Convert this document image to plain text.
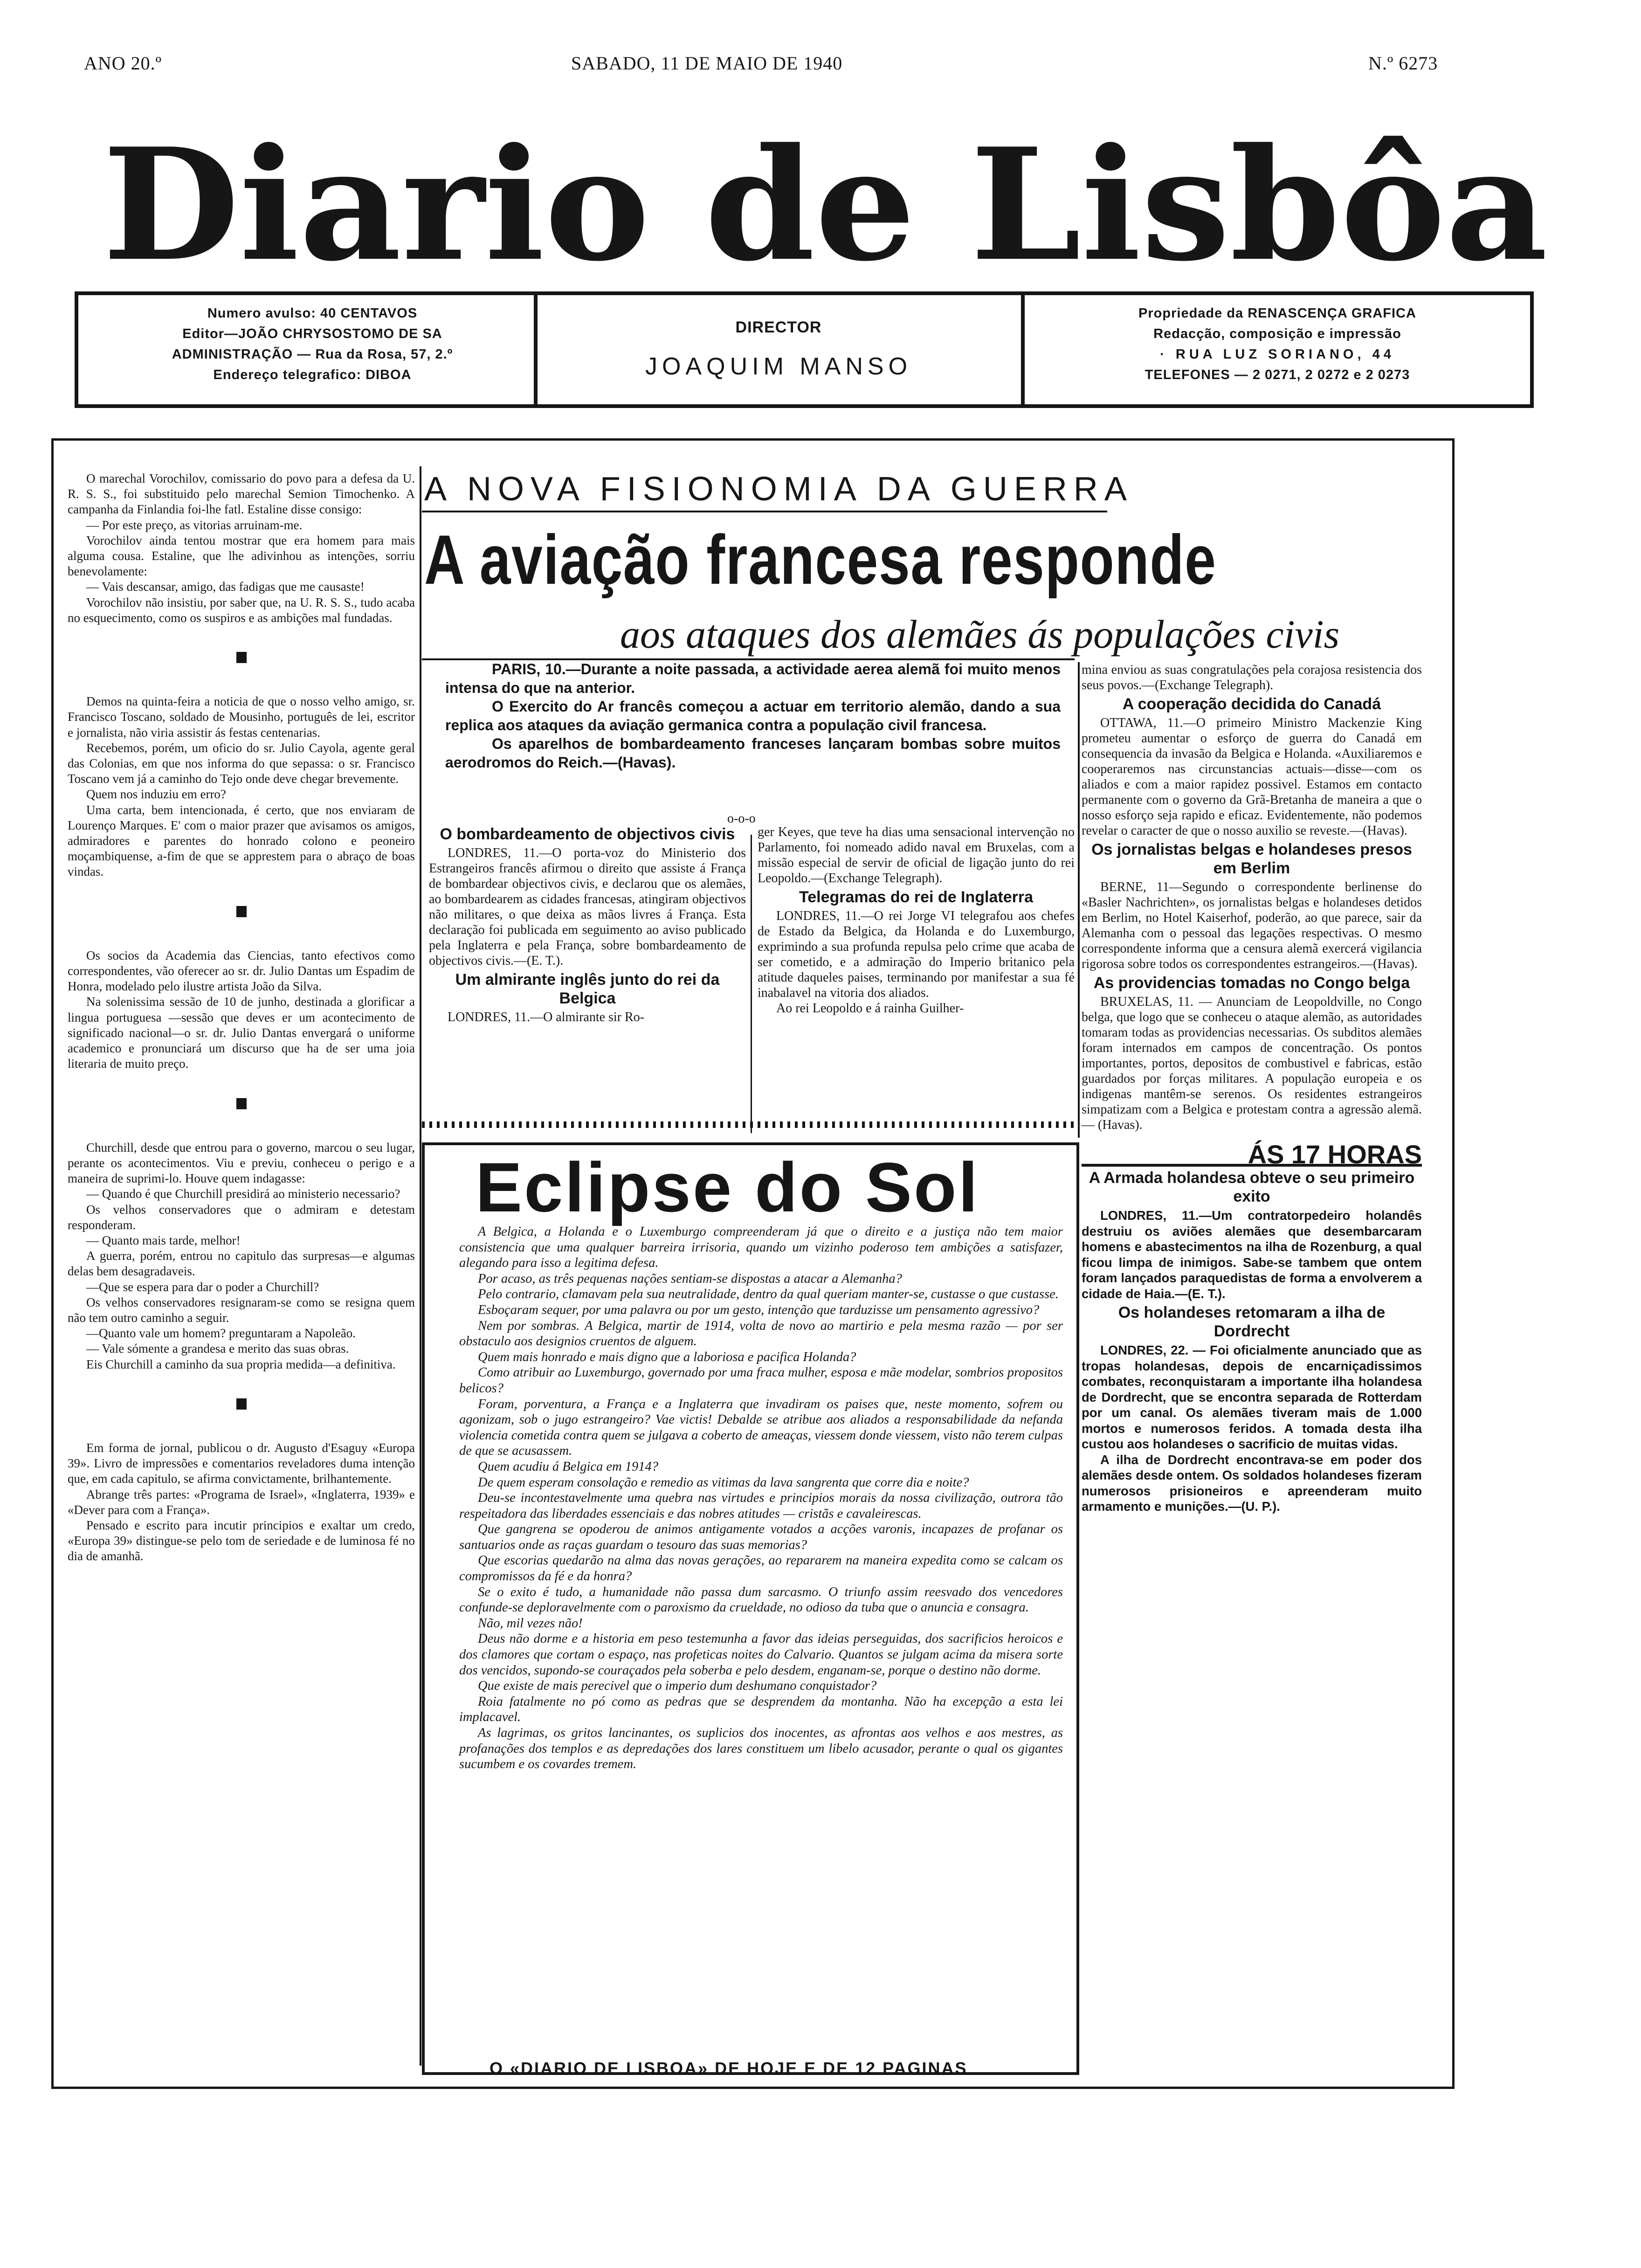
ANO 20.º	SABADO, 11 DE MAIO DE 1940	N.º 6273
Diario de Lisbôa
Numero avulso: 40 CENTAVOS
Editor—JOÃO CHRYSOSTOMO DE SA
ADMINISTRAÇÃO — Rua da Rosa, 57, 2.º
Endereço telegrafico: DIBOA
DIRECTOR
JOAQUIM MANSO
Propriedade da RENASCENÇA GRAFICA
Redacção, composição e impressão
· RUA LUZ SORIANO, 44
TELEFONES — 2 0271, 2 0272 e 2 0273

O marechal Vorochilov, comissario do povo para a defesa da U. R. S. S., foi substituido pelo marechal Semion Timochenko. A campanha da Finlandia foi-lhe fatl. Estaline disse consigo:

— Por este preço, as vitorias arruinam-me.

Vorochilov ainda tentou mostrar que era homem para mais alguma cousa. Estaline, que lhe adivinhou as intenções, sorriu benevolamente:

— Vais descansar, amigo, das fadigas que me causaste!

Vorochilov não insistiu, por saber que, na U. R. S. S., tudo acaba no esquecimento, como os suspiros e as ambições mal fundadas.

Demos na quinta-feira a noticia de que o nosso velho amigo, sr. Francisco Toscano, soldado de Mousinho, português de lei, escritor e jornalista, não viria assistir ás festas centenarias.

Recebemos, porém, um oficio do sr. Julio Cayola, agente geral das Colonias, em que nos informa do que sepassa: o sr. Francisco Toscano vem já a caminho do Tejo onde deve chegar brevemente.

Quem nos induziu em erro?

Uma carta, bem intencionada, é certo, que nos enviaram de Lourenço Marques. E' com o maior prazer que avisamos os amigos, admiradores e parentes do honrado colono e peoneiro moçambiquense, a-fim de que se apprestem para o abraço de boas vindas.

Os socios da Academia das Ciencias, tanto efectivos como correspondentes, vão oferecer ao sr. dr. Julio Dantas um Espadim de Honra, modelado pelo ilustre artista João da Silva.

Na solenissima sessão de 10 de junho, destinada a glorificar a lingua portuguesa —sessão que deves er um acontecimento de significado nacional—o sr. dr. Julio Dantas envergará o uniforme academico e pronunciará um discurso que ha de ser uma joia literaria de muito preço.

Churchill, desde que entrou para o governo, marcou o seu lugar, perante os acontecimentos. Viu e previu, conheceu o perigo e a maneira de suprimi-lo. Houve quem indagasse:

— Quando é que Churchill presidirá ao ministerio necessario?

Os velhos conservadores que o admiram e detestam responderam.

— Quanto mais tarde, melhor!

A guerra, porém, entrou no capitulo das surpresas—e algumas delas bem desagradaveis.

—Que se espera para dar o poder a Churchill?

Os velhos conservadores resignaram-se como se resigna quem não tem outro caminho a seguir.

—Quanto vale um homem? preguntaram a Napoleão.

— Vale sómente a grandesa e merito das suas obras.

Eis Churchill a caminho da sua propria medida—a definitiva.

Em forma de jornal, publicou o dr. Augusto d'Esaguy «Europa 39». Livro de impressões e comentarios reveladores duma intenção que, em cada capitulo, se afirma convictamente, brilhantemente.

Abrange três partes: «Programa de Israel», «Inglaterra, 1939» e «Dever para com a França».

Pensado e escrito para incutir principios e exaltar um credo, «Europa 39» distingue-se pelo tom de seriedade e de luminosa fé no dia de amanhã.

A NOVA FISIONOMIA DA GUERRA
A aviação francesa responde
aos ataques dos alemães ás populações civis

PARIS, 10.—Durante a noite passada, a actividade aerea alemã foi muito menos intensa do que na anterior.

O Exercito do Ar francês começou a actuar em territorio alemão, dando a sua replica aos ataques da aviação germanica contra a população civil francesa.

Os aparelhos de bombardeamento franceses lançaram bombas sobre muitos aerodromos do Reich.—(Havas).

o-o-o
O bombardeamento de objectivos civis

LONDRES, 11.—O porta-voz do Ministerio dos Estrangeiros francês afirmou o direito que assiste á França de bombardear objectivos civis, e declarou que os alemães, ao bombardearem as cidades francesas, atingiram objectivos não militares, o que deixa as mãos livres á França. Esta declaração foi publicada em seguimento ao aviso publicado pela Inglaterra e pela França, sobre bombardeamento de objectivos civis.—(E. T.).

Um almirante inglês junto do rei da Belgica

LONDRES, 11.—O almirante sir Ro-

ger Keyes, que teve ha dias uma sensacional intervenção no Parlamento, foi nomeado adido naval em Bruxelas, com a missão especial de servir de oficial de ligação junto do rei Leopoldo.—(Exchange Telegraph).

Telegramas do rei de Inglaterra

LONDRES, 11.—O rei Jorge VI telegrafou aos chefes de Estado da Belgica, da Holanda e do Luxemburgo, exprimindo a sua profunda repulsa pelo crime que acaba de ser cometido, e a admiração do Imperio britanico pela atitude daqueles paises, terminando por manifestar a sua fé inabalavel na vitoria dos aliados.

Ao rei Leopoldo e á rainha Guilher-

Eclipse do Sol

A Belgica, a Holanda e o Luxemburgo compreenderam já que o direito e a justiça não tem maior consistencia que uma qualquer barreira irrisoria, quando um vizinho poderoso tem ambições a satisfazer, alegando para isso a legitima defesa.

Por acaso, as três pequenas nações sentiam-se dispostas a atacar a Alemanha?

Pelo contrario, clamavam pela sua neutralidade, dentro da qual queriam manter-se, custasse o que custasse.

Esboçaram sequer, por uma palavra ou por um gesto, intenção que tarduzisse um pensamento agressivo?

Nem por sombras. A Belgica, martir de 1914, volta de novo ao martirio e pela mesma razão — por ser obstaculo aos designios cruentos de alguem.

Quem mais honrado e mais digno que a laboriosa e pacifica Holanda?

Como atribuir ao Luxemburgo, governado por uma fraca mulher, esposa e mãe modelar, sombrios propositos belicos?

Foram, porventura, a França e a Inglaterra que invadiram os paises que, neste momento, sofrem ou agonizam, sob o jugo estrangeiro? Vae victis! Debalde se atribue aos aliados a responsabilidade da nefanda violencia cometida contra quem se julgava a coberto de ameaças, viessem donde viessem, visto não terem culpas de que se acusassem.

Quem acudiu á Belgica em 1914?

De quem esperam consolação e remedio as vitimas da lava sangrenta que corre dia e noite?

Deu-se incontestavelmente uma quebra nas virtudes e principios morais da nossa civilização, outrora tão respeitadora das liberdades essenciais e das nobres atitudes — cristãs e cavaleirescas.

Que gangrena se opoderou de animos antigamente votados a acções varonis, incapazes de profanar os santuarios onde as raças guardam o tesouro das suas memorias?

Que escorias quedarão na alma das novas gerações, ao repararem na maneira expedita como se calcam os compromissos da fé e da honra?

Se o exito é tudo, a humanidade não passa dum sarcasmo. O triunfo assim reesvado dos vencedores confunde-se deploravelmente com o paroxismo da crueldade, no odioso da tuba que o anuncia e consagra.

Não, mil vezes não!

Deus não dorme e a historia em peso testemunha a favor das ideias perseguidas, dos sacrificios heroicos e dos clamores que cortam o espaço, nas profeticas noites do Calvario. Quantos se julgam acima da misera sorte dos vencidos, supondo-se couraçados pela soberba e pelo desdem, enganam-se, porque o destino não dorme.

Que existe de mais perecivel que o imperio dum deshumano conquistador?

Roia fatalmente no pó como as pedras que se desprendem da montanha. Não ha excepção a esta lei implacavel.

As lagrimas, os gritos lancinantes, os suplicios dos inocentes, as afrontas aos velhos e aos mestres, as profanações dos templos e as depredações dos lares constituem um libelo acusador, perante o qual os gigantes sucumbem e os covardes tremem.

mina enviou as suas congratulações pela corajosa resistencia dos seus povos.—(Exchange Telegraph).

A cooperação decidida do Canadá

OTTAWA, 11.—O primeiro Ministro Mackenzie King prometeu aumentar o esforço de guerra do Canadá em consequencia da invasão da Belgica e Holanda. «Auxiliaremos e cooperaremos nas circunstancias actuais—disse—com os aliados e com a maior rapidez possivel. Estamos em contacto permanente com o governo da Grã-Bretanha de maneira a que o nosso esforço seja rapido e eficaz. Evidentemente, não podemos revelar o caracter de que o nosso auxilio se reveste.—(Havas).

Os jornalistas belgas e holandeses presos em Berlim

BERNE, 11—Segundo o correspondente berlinense do «Basler Nachrichten», os jornalistas belgas e holandeses detidos em Berlim, no Hotel Kaiserhof, poderão, ao que parece, sair da Alemanha com o pessoal das legações respectivas. O mesmo correspondente informa que a censura alemã exercerá vigilancia rigorosa sobre todos os correspondentes estrangeiros.—(Havas).

As providencias tomadas no Congo belga

BRUXELAS, 11. — Anunciam de Leopoldville, no Congo belga, que logo que se conheceu o ataque alemão, as autoridades tomaram todas as providencias necessarias. Os subditos alemães foram internados em campos de concentração. Os pontos importantes, portos, depositos de combustivel e fabricas, estão guardados por forças militares. A população europeia e os indigenas mantêm-se serenos. Os residentes estrangeiros simpatizam com a Belgica e protestam contra a agressão alemã. — (Havas).

ÁS 17 HORAS
A Armada holandesa obteve o seu primeiro exito

LONDRES, 11.—Um contratorpedeiro holandês destruiu os aviões alemães que desembarcaram homens e abastecimentos na ilha de Rozenburg, a qual ficou limpa de inimigos. Sabe-se tambem que ontem foram lançados paraquedistas de forma a envolverem a cidade de Haia.—(E. T.).

Os holandeses retomaram a ilha de Dordrecht

LONDRES, 22. — Foi oficialmente anunciado que as tropas holandesas, depois de encarniçadissimos combates, reconquistaram a importante ilha holandesa de Dordrecht, que se encontra separada de Rotterdam por um canal. Os alemães tiveram mais de 1.000 mortos e numerosos feridos. A tomada desta ilha custou aos holandeses o sacrificio de muitas vidas.

A ilha de Dordrecht encontrava-se em poder dos alemães desde ontem. Os soldados holandeses fizeram numerosos prisioneiros e apreenderam muito armamento e munições.—(U. P.).

O «DIARIO DE LISBOA» DE HOJE E DE 12 PAGINAS
